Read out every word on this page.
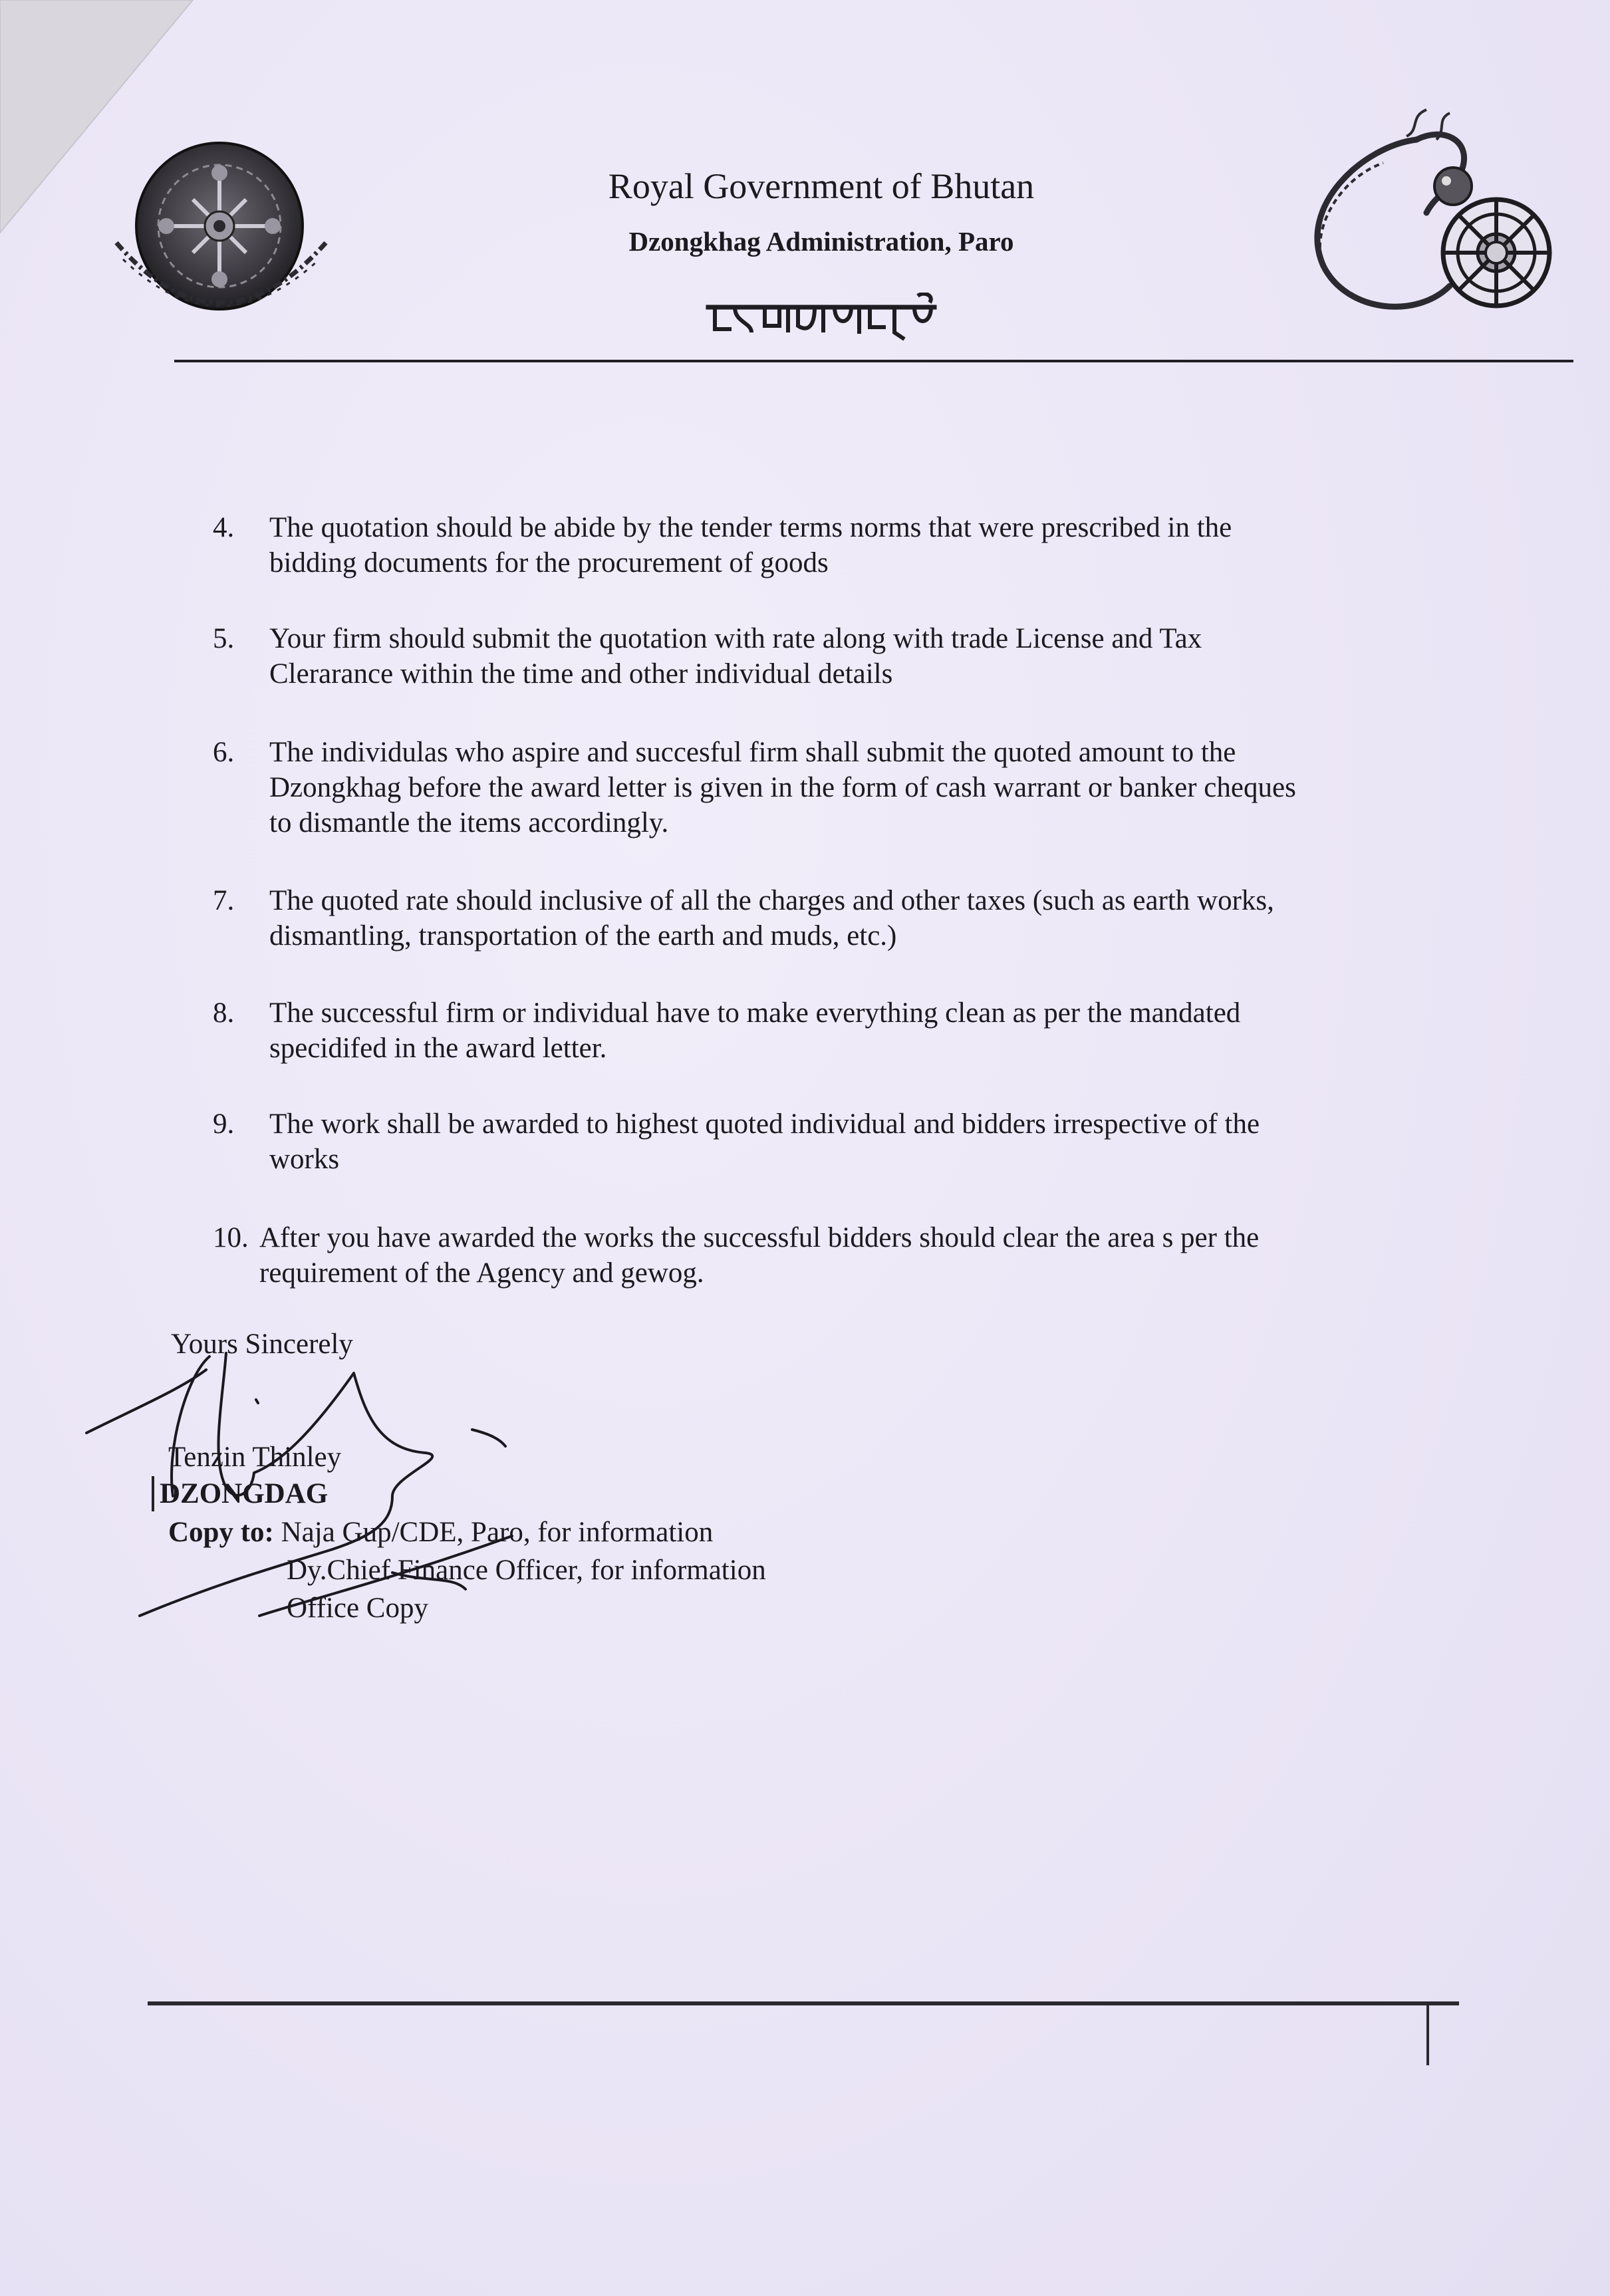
Royal Government of Bhutan
Dzongkhag Administration, Paro
4.	The quotation should be abide by the tender terms norms that were prescribed in the
bidding documents for the procurement of goods
5.	Your firm should submit the quotation with rate along with trade License and Tax
Clerarance within the time and other individual details
6.	The individulas who aspire and succesful firm shall submit the quoted amount to the
Dzongkhag before the award letter is given in the form of cash warrant or banker cheques
to dismantle the items accordingly.
7.	The quoted rate should inclusive of all the charges and other taxes (such as earth works,
dismantling, transportation of the earth and muds, etc.)
8.	The successful firm or individual have to make everything clean as per the mandated
specidifed in the award letter.
9.	The work shall be awarded to highest quoted individual and bidders irrespective of the
works
10. After you have awarded the works the successful bidders should clear the area s per the
requirement of the Agency and gewog.
Yours Sincerely
Tenzin Thinley
DZONGDAG
Copy to: Naja Gup/CDE, Paro, for information
Dy.Chief Finance Officer, for information
Office Copy
